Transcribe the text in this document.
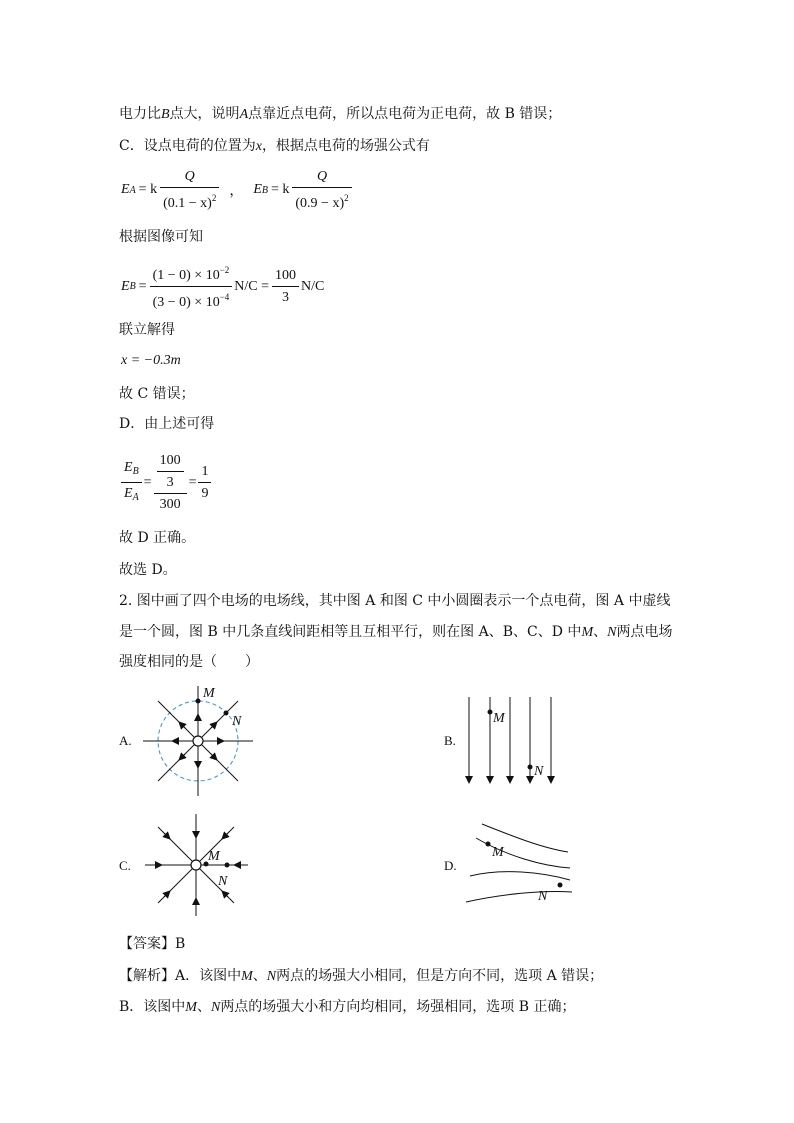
电力比B点大，说明A点靠近点电荷，所以点电荷为正电荷，故 B 错误；
C．设点电荷的位置为x，根据点电荷的场强公式有
E A = k $\frac{Q}{(0.1 - x)^2}$ ， E B = k $\frac{Q}{(0.9 - x)^2}$
根据图像可知
E $B = \frac{(1 - 0) \times 10^{-2}}{(3 - 0) \times 10^{-4}} N/C = \frac{100}{3} N/C$
联立解得
x = −0.3m
故 C 错误；
D．由上述可得
$\frac{E_B}{E_A} = \frac{\frac{100}{3}}{300} = \frac{1}{9}$
故 D 正确。
故选 D。
2. 图中画了四个电场的电场线，其中图 A 和图 C 中小圆圈表示一个点电荷，图 A 中虚线
是一个圆，图 B 中几条直线间距相等且互相平行，则在图 A、B、C、D 中M、N两点电场
强度相同的是（　　）
A.	B.
C.	D.
M
N	M
N
M
N
M
N
【答案】B
【解析】A．该图中M、N两点的场强大小相同，但是方向不同，选项 A 错误；
B．该图中M、N两点的场强大小和方向均相同，场强相同，选项 B 正确；
